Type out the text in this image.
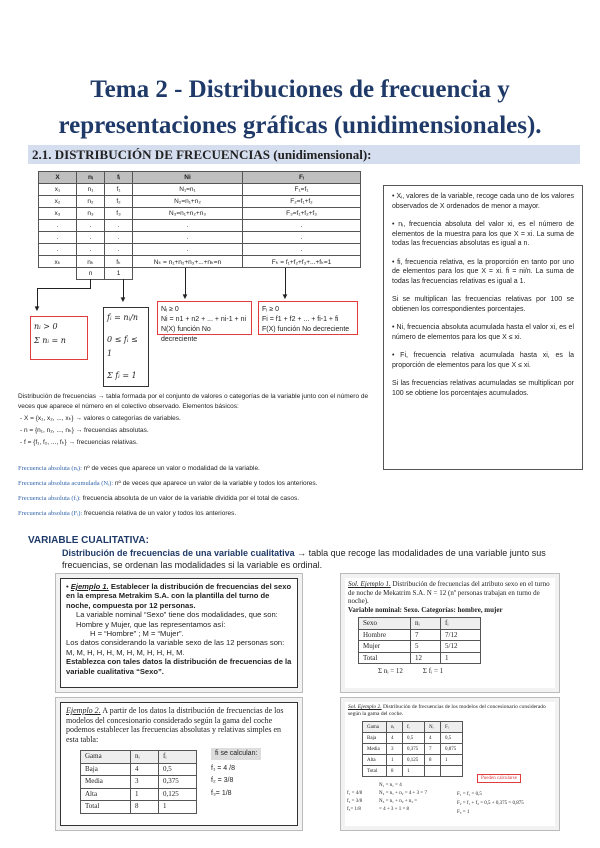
Tema 2 - Distribuciones de frecuencia y
representaciones gráficas (unidimensionales).
2.1. DISTRIBUCIÓN DE FRECUENCIAS (unidimensional):
X	nᵢ	fᵢ	Ni	Fᵢ
x₁	n₁	f₁	N₁=n₁	F₁=f₁
x₂	n₂	f₂	N₂=n₁+n₂	F₂=f₁+f₂
x₃	n₃	f₃	N₃=n₁+n₂+n₃	F₃=f₁+f₂+f₃
.	.	.	.	.
.	.	.	.	.
.	.	.	.	.
xₖ	nₖ	fₖ	Nₖ = n₁+n₂+n₃+...+nₖ=n	Fₖ = f₁+f₂+f₃+...+fₖ=1
	n	1		
▼
▼	▼	▼
nᵢ > 0
Σ nᵢ = n
fᵢ = nᵢ/n
0 ≤ fᵢ ≤ 1
Σ fᵢ = 1
Nᵢ ≥ 0
Ni = n1 + n2 + ... + ni-1 + ni
N(X) función No decreciente
Fᵢ ≥ 0
Fi = f1 + f2 + ... + fi-1 + fi
F(X) función No decreciente

• Xᵢ, valores de la variable, recoge cada uno de los valores observados de X ordenados de menor a mayor.

• nᵢ, frecuencia absoluta del valor xi, es el número de elementos de la muestra para los que X = xi. La suma de todas las frecuencias absolutas es igual a n.

• fi, frecuencia relativa, es la proporción en tanto por uno de elementos para los que X = xi. fi = ni/n. La suma de todas las frecuencias relativas es igual a 1.

Si se multiplican las frecuencias relativas por 100 se obtienen los correspondientes porcentajes.

• Ni, frecuencia absoluta acumulada hasta el valor xi, es el número de elementos para los que X ≤ xi.

• Fi, frecuencia relativa acumulada hasta xi, es la proporción de elementos para los que X ≤ xi.

Si las frecuencias relativas acumuladas se multiplican por 100 se obtiene los porcentajes acumulados.

Distribución de frecuencias → tabla formada por el conjunto de valores o categorías de la variable junto con el número de veces que aparece el número en el colectivo observado. Elementos básicos:
- X = {x₁, x₂, ..., xₖ} → valores o categorías de variables.
- n = {n₁, n₂, ..., nₖ} → frecuencias absolutas.
- f = {f₁, f₂, ..., fₖ} → frecuencias relativas.
Frecuencia absoluta (nᵢ): nº de veces que aparece un valor o modalidad de la variable.
Frecuencia absoluta acumulada (Nᵢ): nº de veces que aparece un valor de la variable y todos los anteriores.
Frecuencia absoluta (fᵢ): frecuencia absoluta de un valor de la variable dividida por el total de casos.
Frecuencia absoluta (Fᵢ): frecuencia relativa de un valor y todos los anteriores.
VARIABLE CUALITATIVA:
Distribución de frecuencias de una variable cualitativa → tabla que recoge las modalidades de una variable junto sus frecuencias, se ordenan las modalidades si la variable es ordinal.
• Ejemplo 1. Establecer la distribución de frecuencias del sexo en la empresa Metrakim S.A. con la plantilla del turno de noche, compuesta por 12 personas.
La variable nominal “Sexo” tiene dos modalidades, que son: Hombre y Mujer, que las representamos así:
H = “Hombre” ; M = “Mujer”.
Los datos considerando la variable sexo de las 12 personas son: M, M, H, H, H, M, H, M, H, H, H, M.
Establezca con tales datos la distribución de frecuencias de la variable cualitativa “Sexo”.
Sol. Ejemplo 1. Distribución de frecuencias del atributo sexo en el turno de noche de Mekatrim S.A. N = 12 (nº personas trabajan en turno de noche).
Variable nominal: Sexo. Categorías: hombre, mujer
Sexo	nᵢ	fᵢ
Hombre	7	7/12
Mujer	5	5/12
Total	12	1
Σ nᵢ = 12	Σ fᵢ = 1
Ejemplo 2. A partir de los datos la distribución de frecuencias de los modelos del concesionario considerado según la gama del coche podemos establecer las frecuencias absolutas y relativas simples en esta tabla:
Gama	nᵢ	fᵢ
Baja	4	0,5
Media	3	0,375
Alta	1	0,125
Total	8	1
fi se calculan:
f₁ = 4 /8
f₂ = 3/8
f₃= 1/8
Sol. Ejemplo 2. Distribución de frecuencias de los modelos del concesionario considerado según la gama del coche.
Gama	nᵢ	fᵢ	Nᵢ	Fᵢ
Baja	4	0,5	4	0,5
Media	3	0,375	7	0,875
Alta	1	0,125	8	1
Total	8	1		
Pueden calcularse
f₁ = 4/8
f₂ = 3/8
f₃= 1/8
N₁ = n₁ = 4
N₂ = n₁ + n₂ = 4 + 3 = 7
N₃ = n₁ + n₂ + n₃ =
= 4 + 3 + 1 = 8
F₁ = f₁ = 0,5
F₂ = f₁ + f₂ = 0,5 + 0,375 = 0,875
F₃ = 1
